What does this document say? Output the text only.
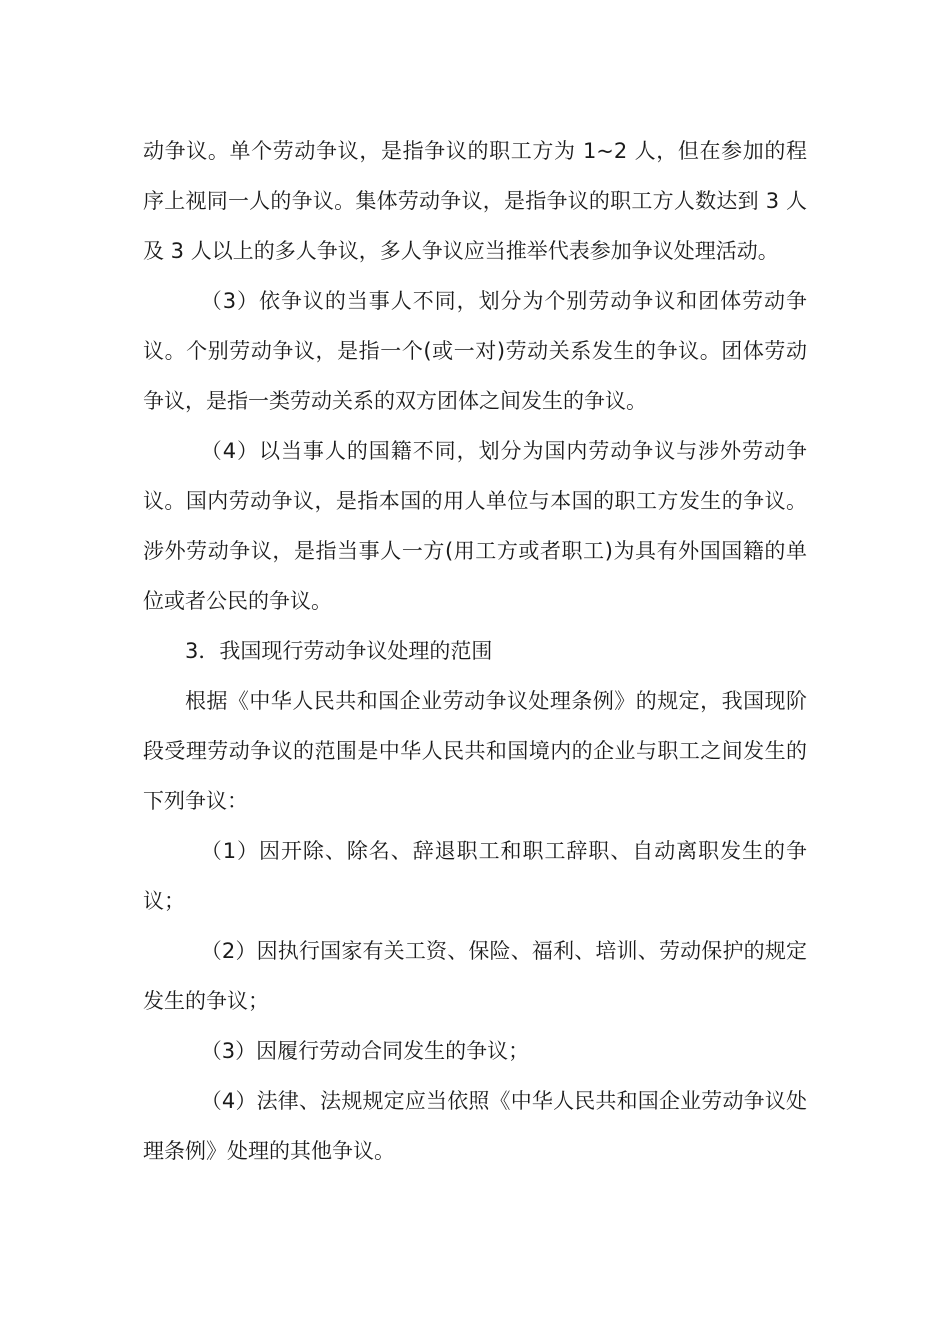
动争议。单个劳动争议，是指争议的职工方为 1~2 人，但在参加的程序上视同一人的争议。集体劳动争议，是指争议的职工方人数达到 3 人及 3 人以上的多人争议，多人争议应当推举代表参加争议处理活动。

（3）依争议的当事人不同，划分为个别劳动争议和团体劳动争议。个别劳动争议，是指一个(或一对)劳动关系发生的争议。团体劳动争议，是指一类劳动关系的双方团体之间发生的争议。

（4）以当事人的国籍不同，划分为国内劳动争议与涉外劳动争议。国内劳动争议，是指本国的用人单位与本国的职工方发生的争议。涉外劳动争议，是指当事人一方(用工方或者职工)为具有外国国籍的单位或者公民的争议。

3．我国现行劳动争议处理的范围

根据《中华人民共和国企业劳动争议处理条例》的规定，我国现阶段受理劳动争议的范围是中华人民共和国境内的企业与职工之间发生的下列争议：

（1）因开除、除名、辞退职工和职工辞职、自动离职发生的争议；

（2）因执行国家有关工资、保险、福利、培训、劳动保护的规定发生的争议；

（3）因履行劳动合同发生的争议；

（4）法律、法规规定应当依照《中华人民共和国企业劳动争议处理条例》处理的其他争议。
